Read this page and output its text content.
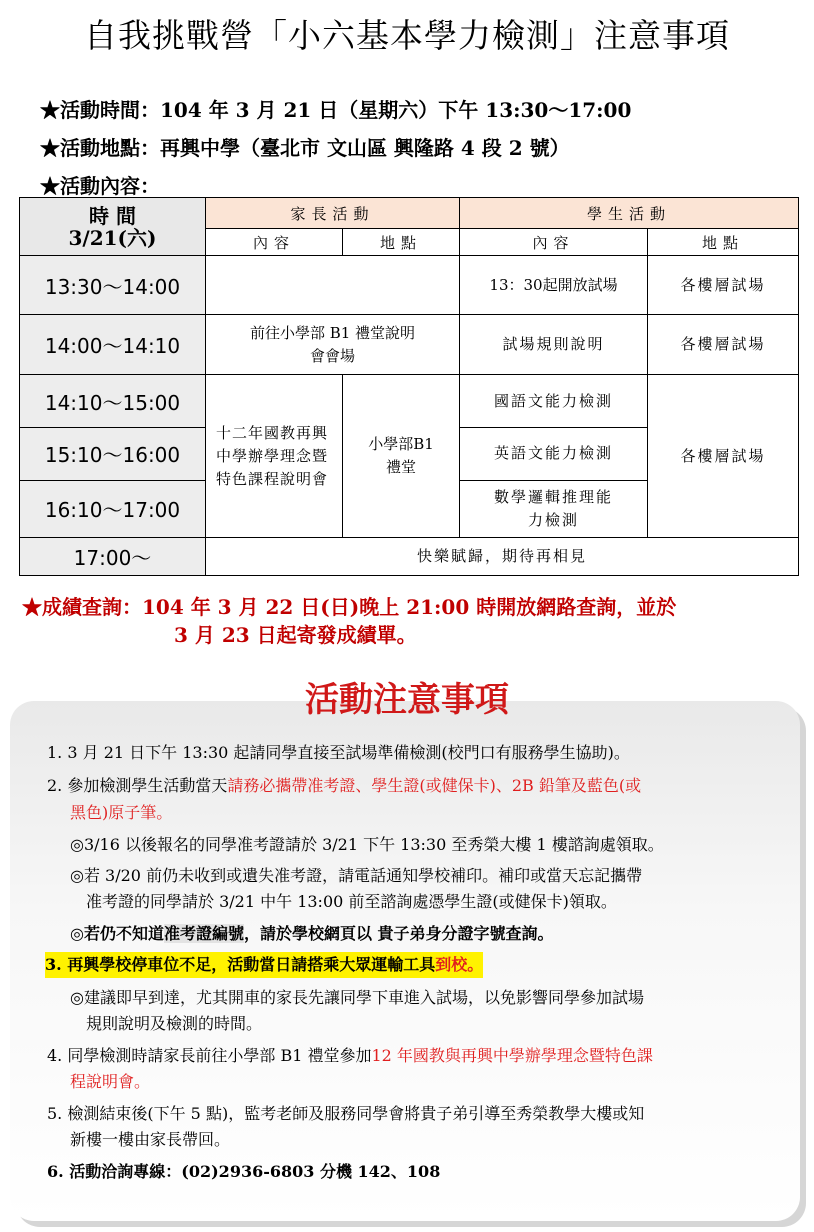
自我挑戰營「小六基本學力檢測」注意事項
★活動時間：104 年 3 月 21 日（星期六）下午 13:30～17:00
★活動地點：再興中學（臺北市 文山區 興隆路 4 段 2 號）
★活動內容：
時 間
3/21(六)	家長活動		學生活動	
	內容	地點	內容	地點
13:30～14:00			13：30起開放試場	各樓層試場
14:00～14:10	前往小學部 B1 禮堂說明會會場		試場規則說明	各樓層試場
14:10～15:00	十二年國教再興中學辦學理念暨特色課程說明會	小學部B1 禮堂	國語文能力檢測	各樓層試場
15:10～16:00			英語文能力檢測	
16:10～17:00			數學邏輯推理能力檢測	

17:00～	快樂賦歸，期待再相見			
★成績查詢：104 年 3 月 22 日(日)晚上 21:00 時開放網路查詢，並於
3 月 23 日起寄發成績單。
活動注意事項
1. 3 月 21 日下午 13:30 起請同學直接至試場準備檢測(校門口有服務學生協助)。
2. 參加檢測學生活動當天請務必攜帶准考證、學生證(或健保卡)、2B 鉛筆及藍色(或
黑色)原子筆。
◎3/16 以後報名的同學准考證請於 3/21 下午 13:30 至秀榮大樓 1 樓諮詢處領取。
◎若 3/20 前仍未收到或遺失准考證，請電話通知學校補印。補印或當天忘記攜帶
准考證的同學請於 3/21 中午 13:00 前至諮詢處憑學生證(或健保卡)領取。
◎若仍不知道准考證編號，請於學校網頁以 貴子弟身分證字號查詢。
3. 再興學校停車位不足，活動當日請搭乘大眾運輸工具到校。
◎建議即早到達，尤其開車的家長先讓同學下車進入試場，以免影響同學參加試場
規則說明及檢測的時間。
4. 同學檢測時請家長前往小學部 B1 禮堂參加12 年國教與再興中學辦學理念暨特色課
程說明會。
5. 檢測結束後(下午 5 點)，監考老師及服務同學會將貴子弟引導至秀榮教學大樓或知
新樓一樓由家長帶回。
6. 活動洽詢專線：(02)2936-6803 分機 142、108
